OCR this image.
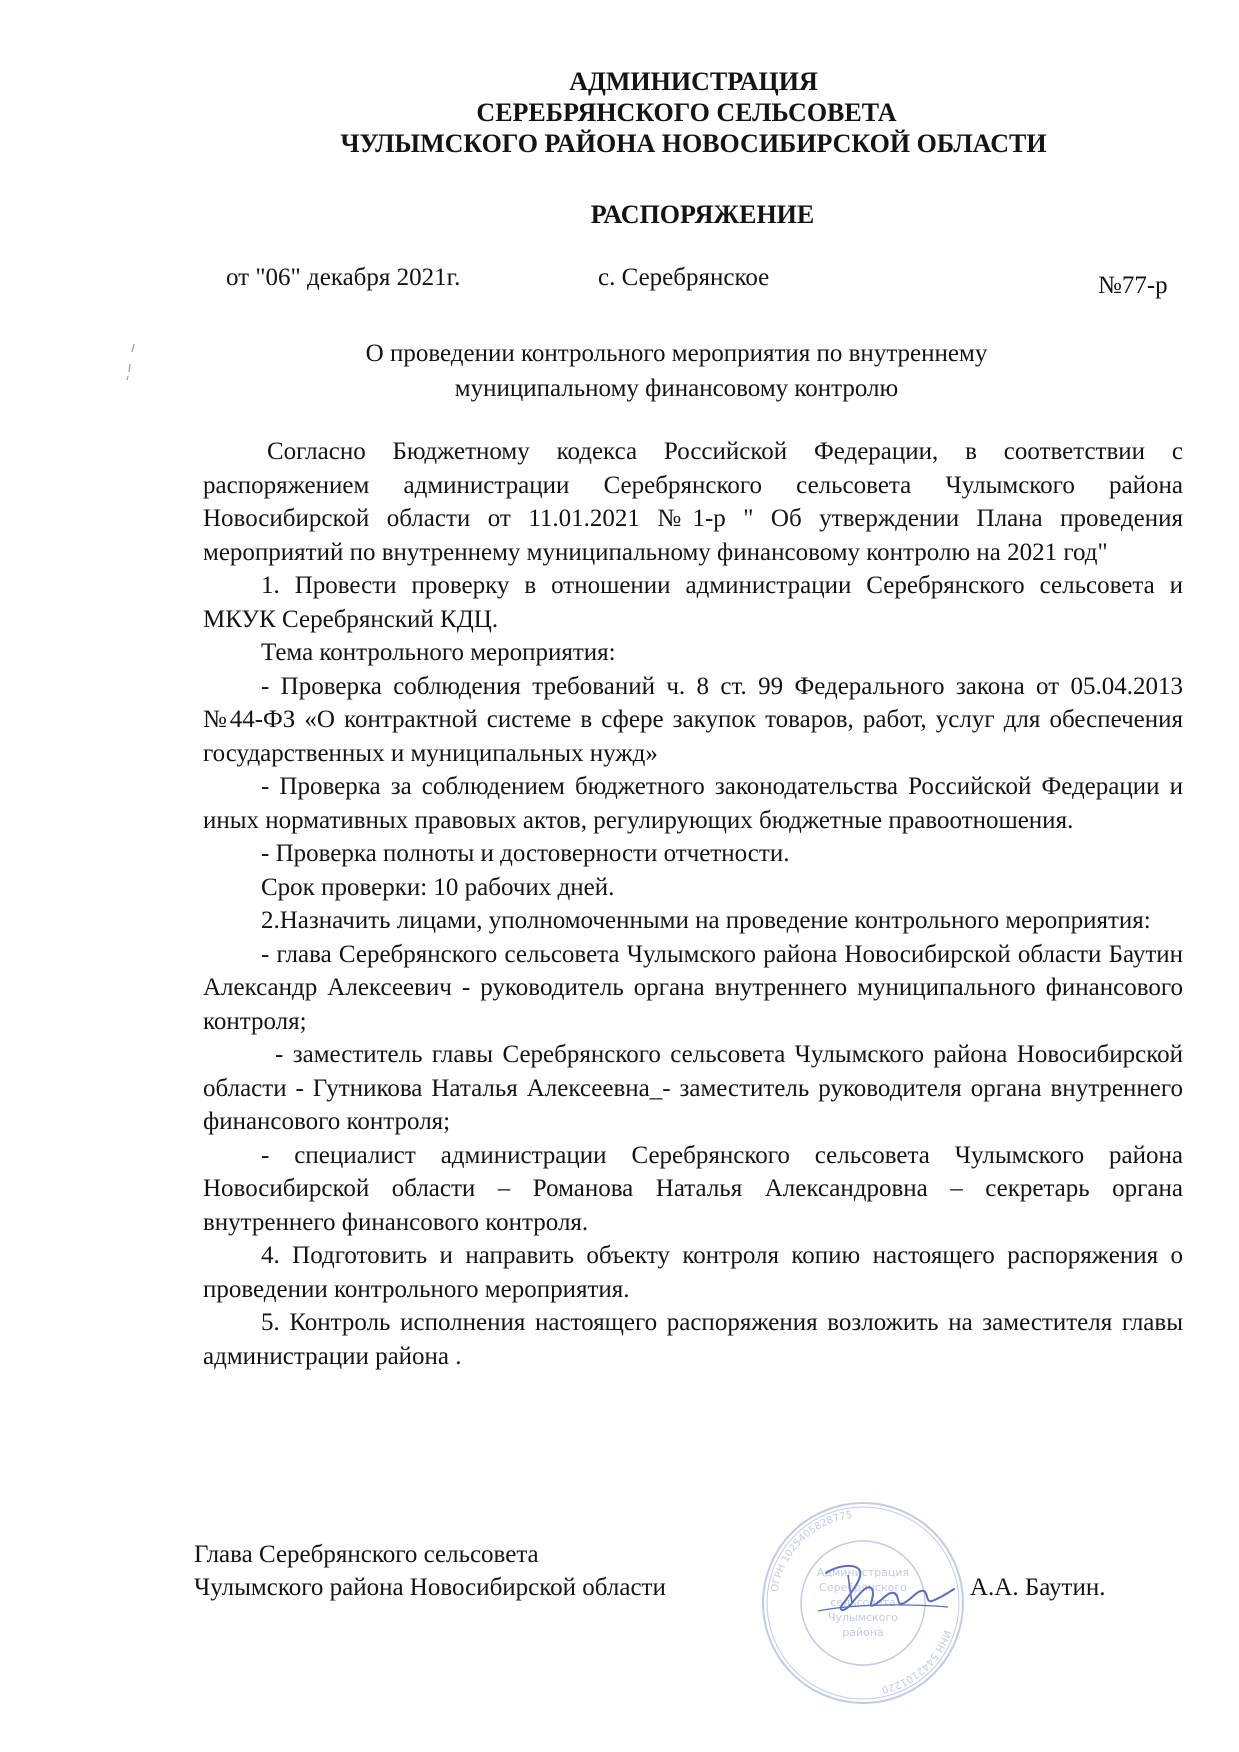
АДМИНИСТРАЦИЯ
СЕРЕБРЯНСКОГО СЕЛЬСОВЕТА
ЧУЛЫМСКОГО РАЙОНА НОВОСИБИРСКОЙ ОБЛАСТИ
РАСПОРЯЖЕНИЕ
от "06" декабря 2021г.	с. Серебрянское	№77-р
О проведении контрольного мероприятия по внутреннему
муниципальному финансовому контролю

Согласно Бюджетному кодекса Российской Федерации, в соответствии с распоряжением администрации Серебрянского сельсовета Чулымского района Новосибирской области от 11.01.2021 №1-р " Об утверждении Плана проведения мероприятий по внутреннему муниципальному финансовому контролю на 2021 год"

1. Провести проверку в отношении администрации Серебрянского сельсовета и МКУК Серебрянский КДЦ.

Тема контрольного мероприятия:

- Проверка соблюдения требований ч. 8 ст. 99 Федерального закона от 05.04.2013 №44-ФЗ «О контрактной системе в сфере закупок товаров, работ, услуг для обеспечения государственных и муниципальных нужд»

- Проверка за соблюдением бюджетного законодательства Российской Федерации и иных нормативных правовых актов, регулирующих бюджетные правоотношения.

- Проверка полноты и достоверности отчетности.

Срок проверки: 10 рабочих дней.

2.Назначить лицами, уполномоченными на проведение контрольного мероприятия:

- глава Серебрянского сельсовета Чулымского района Новосибирской области Баутин Александр Алексеевич - руководитель органа внутреннего муниципального финансового контроля;

- заместитель главы Серебрянского сельсовета Чулымского района Новосибирской области - Гутникова Наталья Алексеевна_- заместитель руководителя органа внутреннего финансового контроля;

- специалист администрации Серебрянского сельсовета Чулымского района Новосибирской области – Романова Наталья Александровна – секретарь органа внутреннего финансового контроля.

4. Подготовить и направить объекту контроля копию настоящего распоряжения о проведении контрольного мероприятия.

5. Контроль исполнения настоящего распоряжения возложить на заместителя главы администрации района .

Глава Серебрянского сельсовета
Чулымского района Новосибирской области	ОГРН 1025405828775
ИНН 5442101220
Администрация
Серебрянского
сельсовета
Чулымского
района
А.А. Баутин.
